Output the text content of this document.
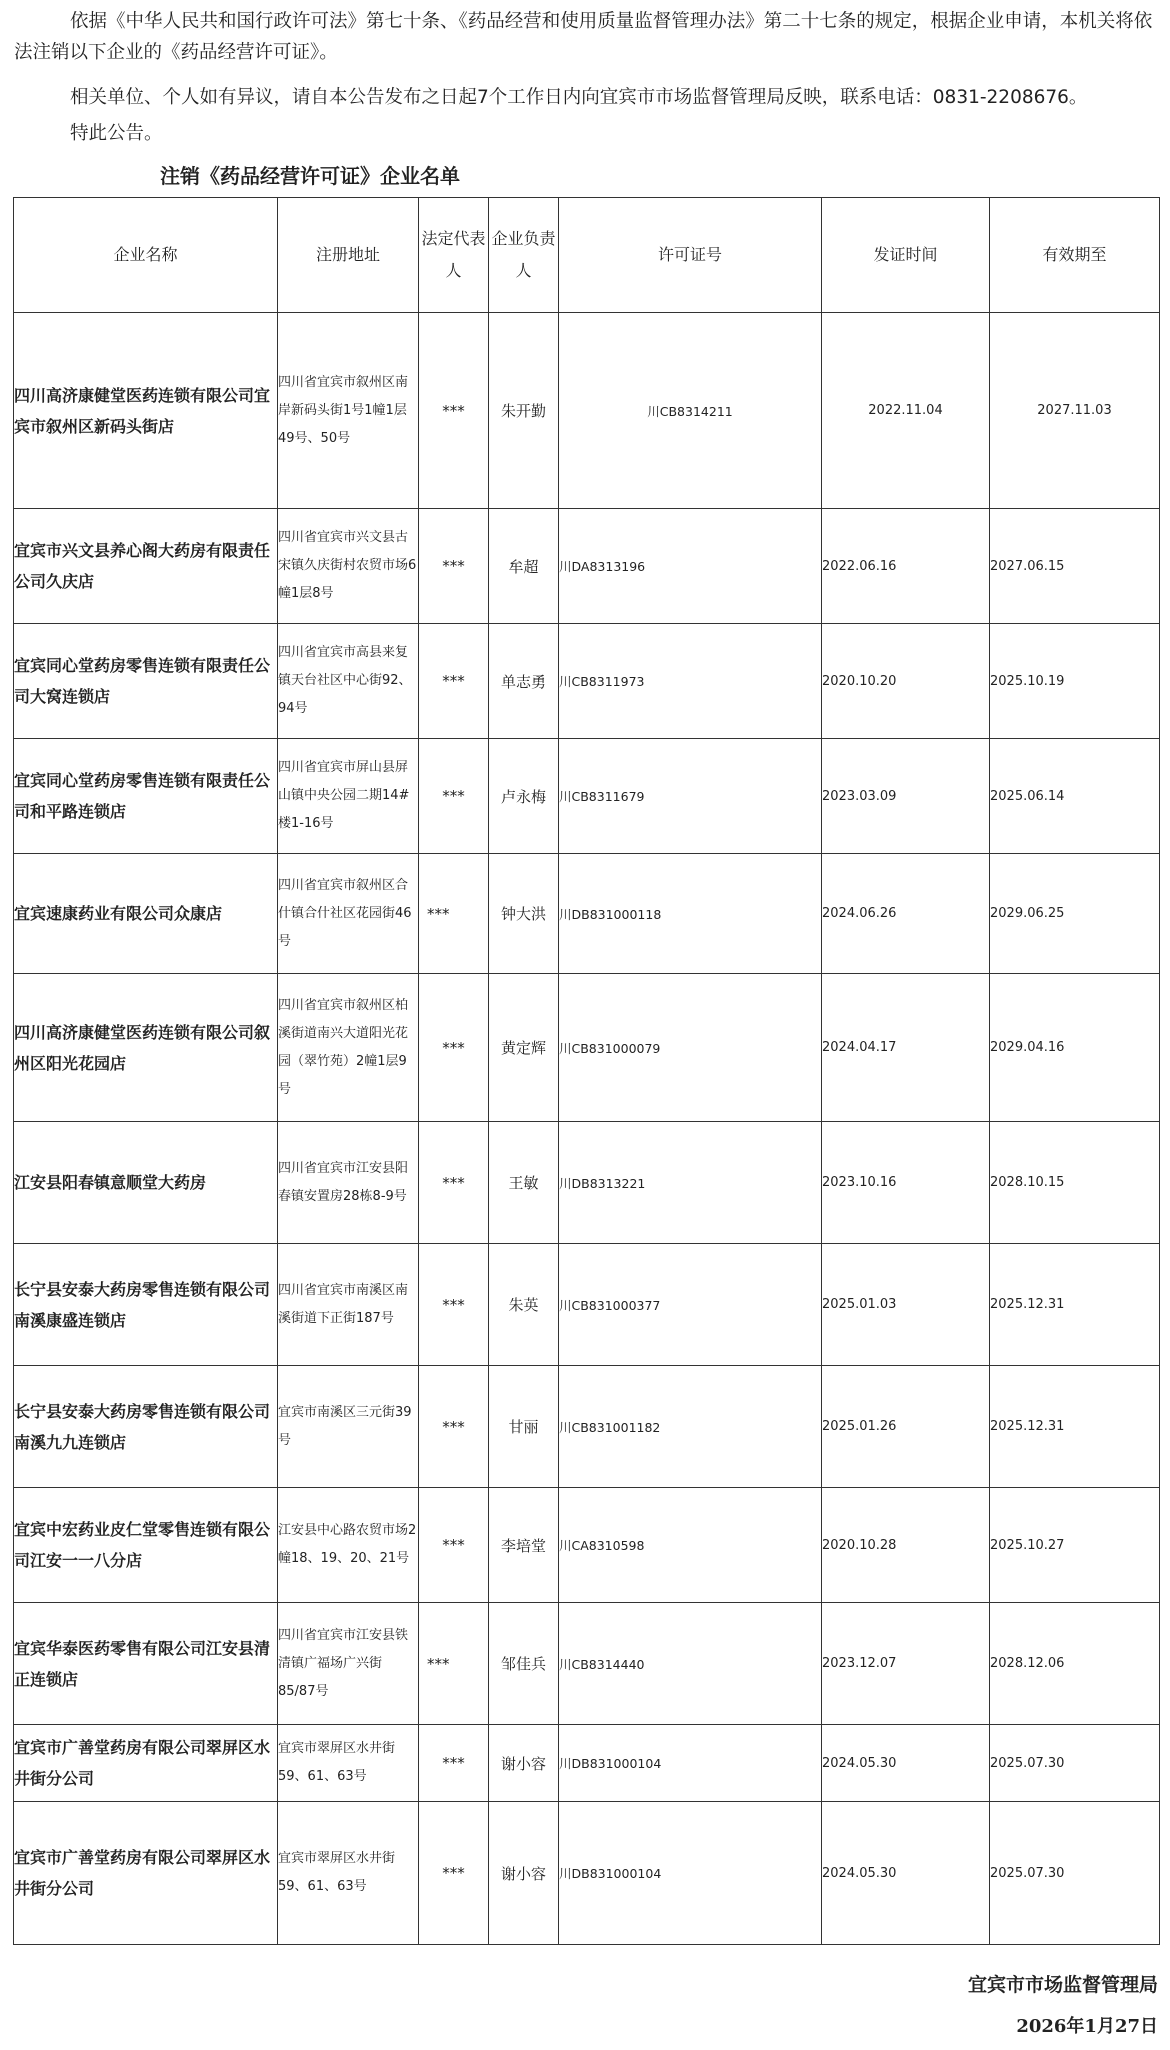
依据《中华人民共和国行政许可法》第七十条、《药品经营和使用质量监督管理办法》第二十七条的规定，根据企业申请，本机关将依法注销以下企业的《药品经营许可证》。

相关单位、个人如有异议，请自本公告发布之日起7个工作日内向宜宾市市场监督管理局反映，联系电话：0831-2208676。

特此公告。

注销《药品经营许可证》企业名单

企业名称	注册地址	法定代表人	企业负责人	许可证号	发证时间	有效期至
四川高济康健堂医药连锁有限公司宜宾市叙州区新码头街店	四川省宜宾市叙州区南岸新码头街1号1幢1层49号、50号	***	朱开勤	川CB8314211	2022.11.04	2027.11.03
宜宾市兴文县养心阁大药房有限责任公司久庆店	四川省宜宾市兴文县古宋镇久庆街村农贸市场6幢1层8号	***	牟超	川DA8313196	2022.06.16	2027.06.15
宜宾同心堂药房零售连锁有限责任公司大窝连锁店	四川省宜宾市高县来复镇天台社区中心街92、94号	***	单志勇	川CB8311973	2020.10.20	2025.10.19
宜宾同心堂药房零售连锁有限责任公司和平路连锁店	四川省宜宾市屏山县屏山镇中央公园二期14#楼1-16号	***	卢永梅	川CB8311679	2023.03.09	2025.06.14
宜宾速康药业有限公司众康店	四川省宜宾市叙州区合什镇合什社区花园街46号	***	钟大洪	川DB831000118	2024.06.26	2029.06.25
四川高济康健堂医药连锁有限公司叙州区阳光花园店	四川省宜宾市叙州区柏溪街道南兴大道阳光花园（翠竹苑）2幢1层9号	***	黄定辉	川CB831000079	2024.04.17	2029.04.16
江安县阳春镇意顺堂大药房	四川省宜宾市江安县阳春镇安置房28栋8-9号	***	王敏	川DB8313221	2023.10.16	2028.10.15
长宁县安泰大药房零售连锁有限公司南溪康盛连锁店	四川省宜宾市南溪区南溪街道下正街187号	***	朱英	川CB831000377	2025.01.03	2025.12.31
长宁县安泰大药房零售连锁有限公司南溪九九连锁店	宜宾市南溪区三元街39号	***	甘丽	川CB831001182	2025.01.26	2025.12.31
宜宾中宏药业皮仁堂零售连锁有限公司江安一一八分店	江安县中心路农贸市场2幢18、19、20、21号	***	李培堂	川CA8310598	2020.10.28	2025.10.27
宜宾华泰医药零售有限公司江安县清正连锁店	四川省宜宾市江安县铁清镇广福场广兴街85/87号	***	邹佳兵	川CB8314440	2023.12.07	2028.12.06
宜宾市广善堂药房有限公司翠屏区水井街分公司	宜宾市翠屏区水井街59、61、63号	***	谢小容	川DB831000104	2024.05.30	2025.07.30
宜宾市广善堂药房有限公司翠屏区水井街分公司	宜宾市翠屏区水井街59、61、63号	***	谢小容	川DB831000104	2024.05.30	2025.07.30

宜宾市市场监督管理局

2026年1月27日
